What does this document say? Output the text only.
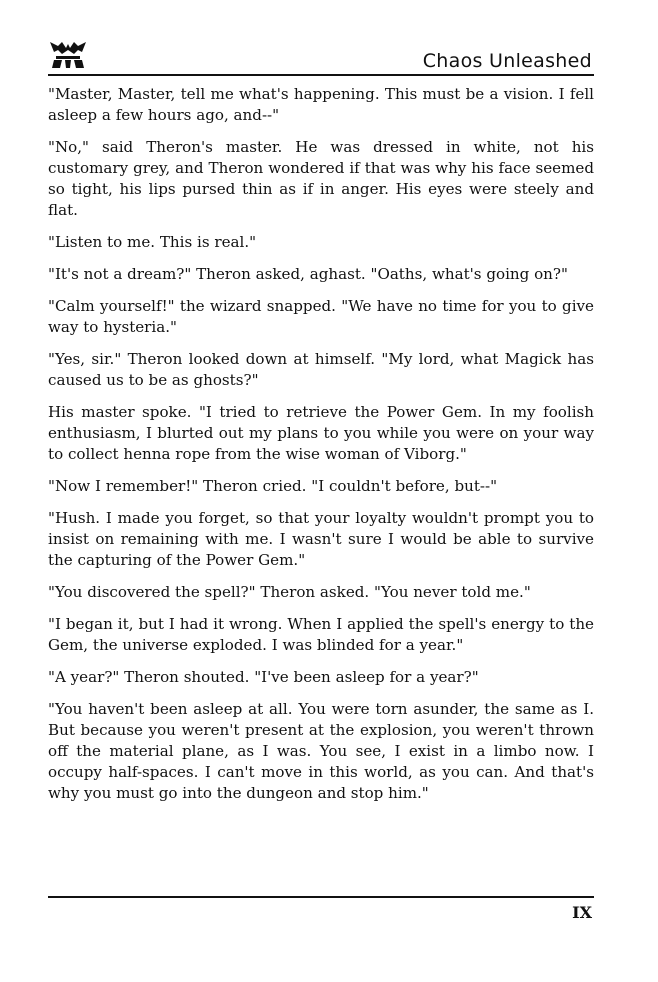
Chaos Unleashed

"Master, Master, tell me what's happening. This must be a vision. I fell asleep a few hours ago, and--"

"No," said Theron's master. He was dressed in white, not his customary grey, and Theron wondered if that was why his face seemed so tight, his lips pursed thin as if in anger. His eyes were steely and flat.

"Listen to me. This is real."

"It's not a dream?" Theron asked, aghast. "Oaths, what's going on?"

"Calm yourself!" the wizard snapped. "We have no time for you to give way to hysteria."

"Yes, sir." Theron looked down at himself. "My lord, what Magick has caused us to be as ghosts?"

His master spoke. "I tried to retrieve the Power Gem. In my foolish enthusiasm, I blurted out my plans to you while you were on your way to collect henna rope from the wise woman of Viborg."

"Now I remember!" Theron cried. "I couldn't before, but--"

"Hush. I made you forget, so that your loyalty wouldn't prompt you to insist on remaining with me. I wasn't sure I would be able to survive the capturing of the Power Gem."

"You discovered the spell?" Theron asked. "You never told me."

"I began it, but I had it wrong. When I applied the spell's energy to the Gem, the universe exploded. I was blinded for a year."

"A year?" Theron shouted. "I've been asleep for a year?"

"You haven't been asleep at all. You were torn asunder, the same as I. But because you weren't present at the explosion, you weren't thrown off the material plane, as I was. You see, I exist in a limbo now. I occupy half-spaces. I can't move in this world, as you can. And that's why you must go into the dungeon and stop him."

IX
